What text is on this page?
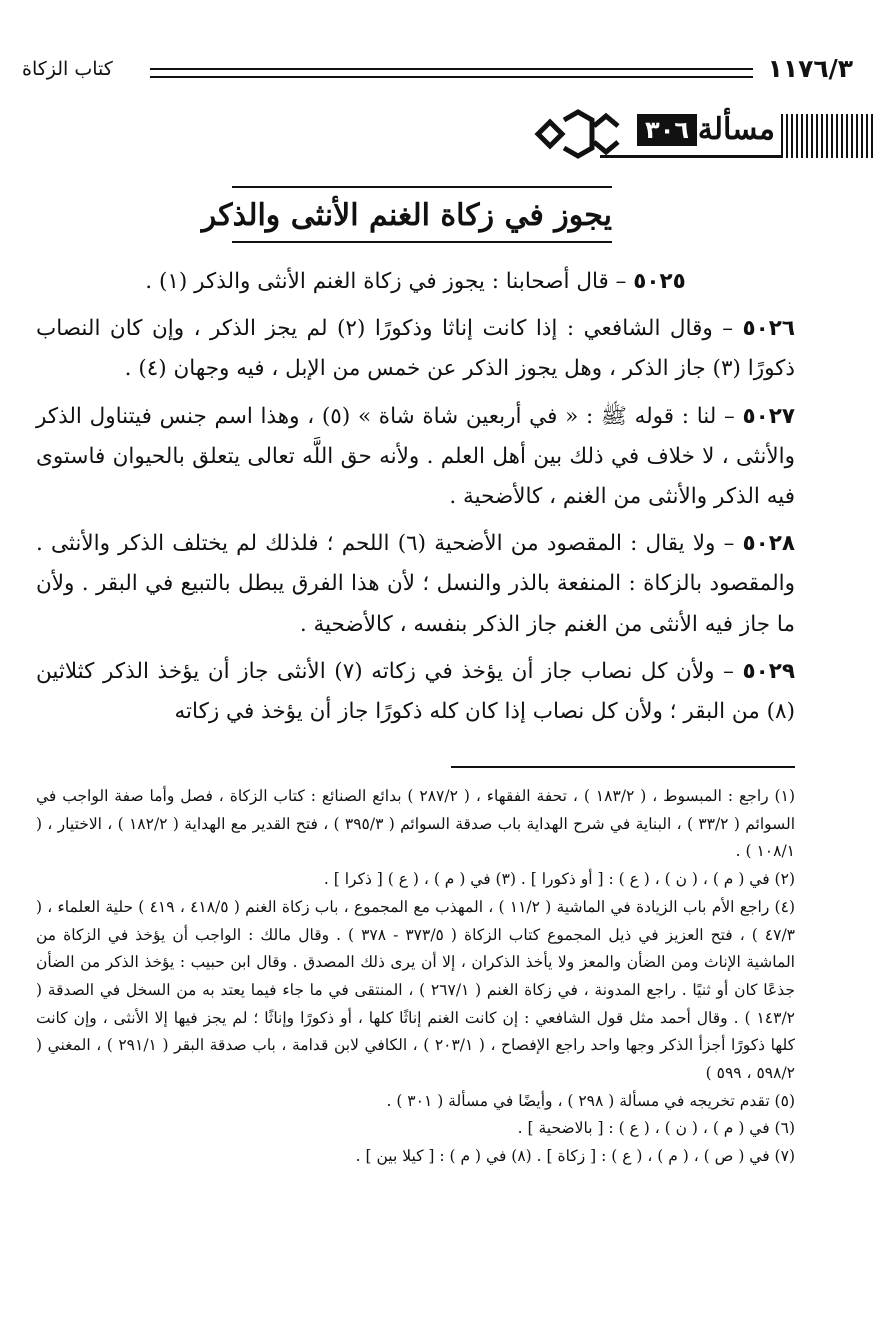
١١٧٦/٣
كتاب الزكاة
مسألة
٣٠٦
يجوز في زكاة الغنم الأنثى والذكر

٥٠٢٥ – قال أصحابنا : يجوز في زكاة الغنم الأنثى والذكر (١) .

٥٠٢٦ – وقال الشافعي : إذا كانت إناثا وذكورًا (٢) لم يجز الذكر ، وإن كان النصاب ذكورًا (٣) جاز الذكر ، وهل يجوز الذكر عن خمس من الإبل ، فيه وجهان (٤) .

٥٠٢٧ – لنا : قوله ﷺ : « في أربعين شاة شاة » (٥) ، وهذا اسم جنس فيتناول الذكر والأنثى ، لا خلاف في ذلك بين أهل العلم . ولأنه حق اللَّه تعالى يتعلق بالحيوان فاستوى فيه الذكر والأنثى من الغنم ، كالأضحية .

٥٠٢٨ – ولا يقال : المقصود من الأضحية (٦) اللحم ؛ فلذلك لم يختلف الذكر والأنثى . والمقصود بالزكاة : المنفعة بالذر والنسل ؛ لأن هذا الفرق يبطل بالتبيع في البقر . ولأن ما جاز فيه الأنثى من الغنم جاز الذكر بنفسه ، كالأضحية .

٥٠٢٩ – ولأن كل نصاب جاز أن يؤخذ في زكاته (٧) الأنثى جاز أن يؤخذ الذكر كثلاثين (٨) من البقر ؛ ولأن كل نصاب إذا كان كله ذكورًا جاز أن يؤخذ في زكاته

(١) راجع : المبسوط ، ( ١٨٣/٢ ) ، تحفة الفقهاء ، ( ٢٨٧/٢ ) بدائع الصنائع : كتاب الزكاة ، فصل وأما صفة الواجب في السوائم ( ٣٣/٢ ) ، البناية في شرح الهداية باب صدقة السوائم ( ٣٩٥/٣ ) ، فتح القدير مع الهداية ( ١٨٢/٢ ) ، الاختيار ، ( ١٠٨/١ ) .

(٢) في ( م ) ، ( ن ) ، ( ع ) : [ أو ذكورا ] . (٣) في ( م ) ، ( ع ) [ ذكرا ] .

(٤) راجع الأم باب الزيادة في الماشية ( ١١/٢ ) ، المهذب مع المجموع ، باب زكاة الغنم ( ٤١٨/٥ ، ٤١٩ ) حلية العلماء ، ( ٤٧/٣ ) ، فتح العزيز في ذيل المجموع كتاب الزكاة ( ٣٧٣/٥ - ٣٧٨ ) . وقال مالك : الواجب أن يؤخذ في الزكاة من الماشية الإناث ومن الضأن والمعز ولا يأخذ الذكران ، إلا أن يرى ذلك المصدق . وقال ابن حبيب : يؤخذ الذكر من الضأن جذعًا كان أو ثنيًا . راجع المدونة ، في زكاة الغنم ( ٢٦٧/١ ) ، المنتقى في ما جاء فيما يعتد به من السخل في الصدقة ( ١٤٣/٢ ) . وقال أحمد مثل قول الشافعي : إن كانت الغنم إناثًا كلها ، أو ذكورًا وإناثًا ؛ لم يجز فيها إلا الأنثى ، وإن كانت كلها ذكورًا أجزأ الذكر وجها واحد راجع الإفصاح ، ( ٢٠٣/١ ) ، الكافي لابن قدامة ، باب صدقة البقر ( ٢٩١/١ ) ، المغني ( ٥٩٨/٢ ، ٥٩٩ )

(٥) تقدم تخريجه في مسألة ( ٢٩٨ ) ، وأيضًا في مسألة ( ٣٠١ ) .

(٦) في ( م ) ، ( ن ) ، ( ع ) : [ بالاضحية ] .

(٧) في ( ص ) ، ( م ) ، ( ع ) : [ زكاة ] . (٨) في ( م ) : [ كيلا بين ] .
